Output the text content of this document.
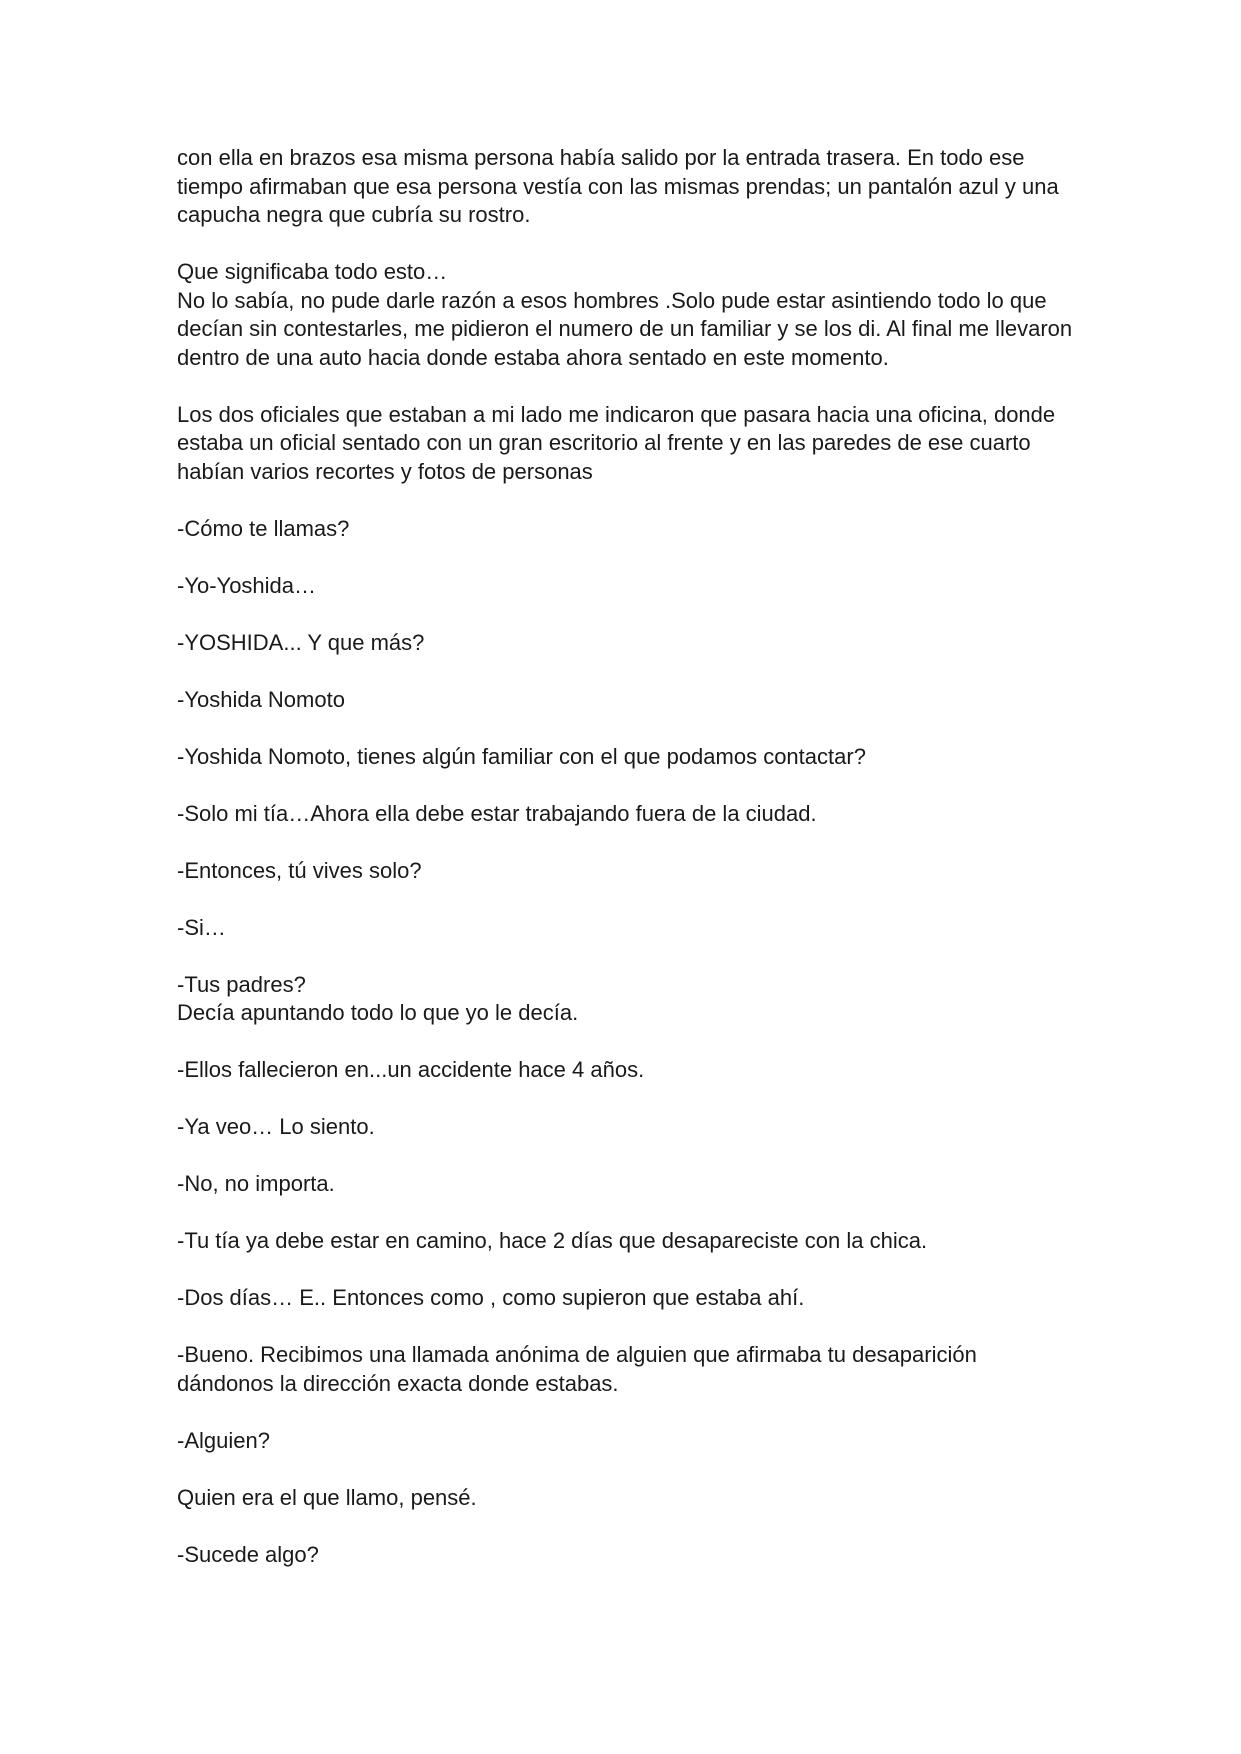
con ella en brazos esa misma persona había salido por la entrada trasera. En todo ese tiempo afirmaban que esa persona vestía con las mismas prendas; un pantalón azul y una capucha negra que cubría su rostro.

Que significaba todo esto…

No lo sabía, no pude darle razón a esos hombres .Solo pude estar asintiendo todo lo que decían sin contestarles, me pidieron el numero de un familiar y se los di. Al final me llevaron dentro de una auto hacia donde estaba ahora sentado en este momento.

Los dos oficiales que estaban a mi lado me indicaron que pasara hacia una oficina, donde estaba un oficial sentado con un gran escritorio al frente y en las paredes de ese cuarto habían varios recortes y fotos de personas

-Cómo te llamas?

-Yo-Yoshida…

-YOSHIDA... Y que más?

-Yoshida Nomoto

-Yoshida Nomoto, tienes algún familiar con el que podamos contactar?

-Solo mi tía…Ahora ella debe estar trabajando fuera de la ciudad.

-Entonces, tú vives solo?

-Si…

-Tus padres?

Decía apuntando todo lo que yo le decía.

-Ellos fallecieron en...un accidente hace 4 años.

-Ya veo… Lo siento.

-No, no importa.

-Tu tía ya debe estar en camino, hace 2 días que desapareciste con la chica.

-Dos días… E.. Entonces como , como supieron que estaba ahí.

-Bueno. Recibimos una llamada anónima de alguien que afirmaba tu desaparición dándonos la dirección exacta donde estabas.

-Alguien?

Quien era el que llamo, pensé.

-Sucede algo?
